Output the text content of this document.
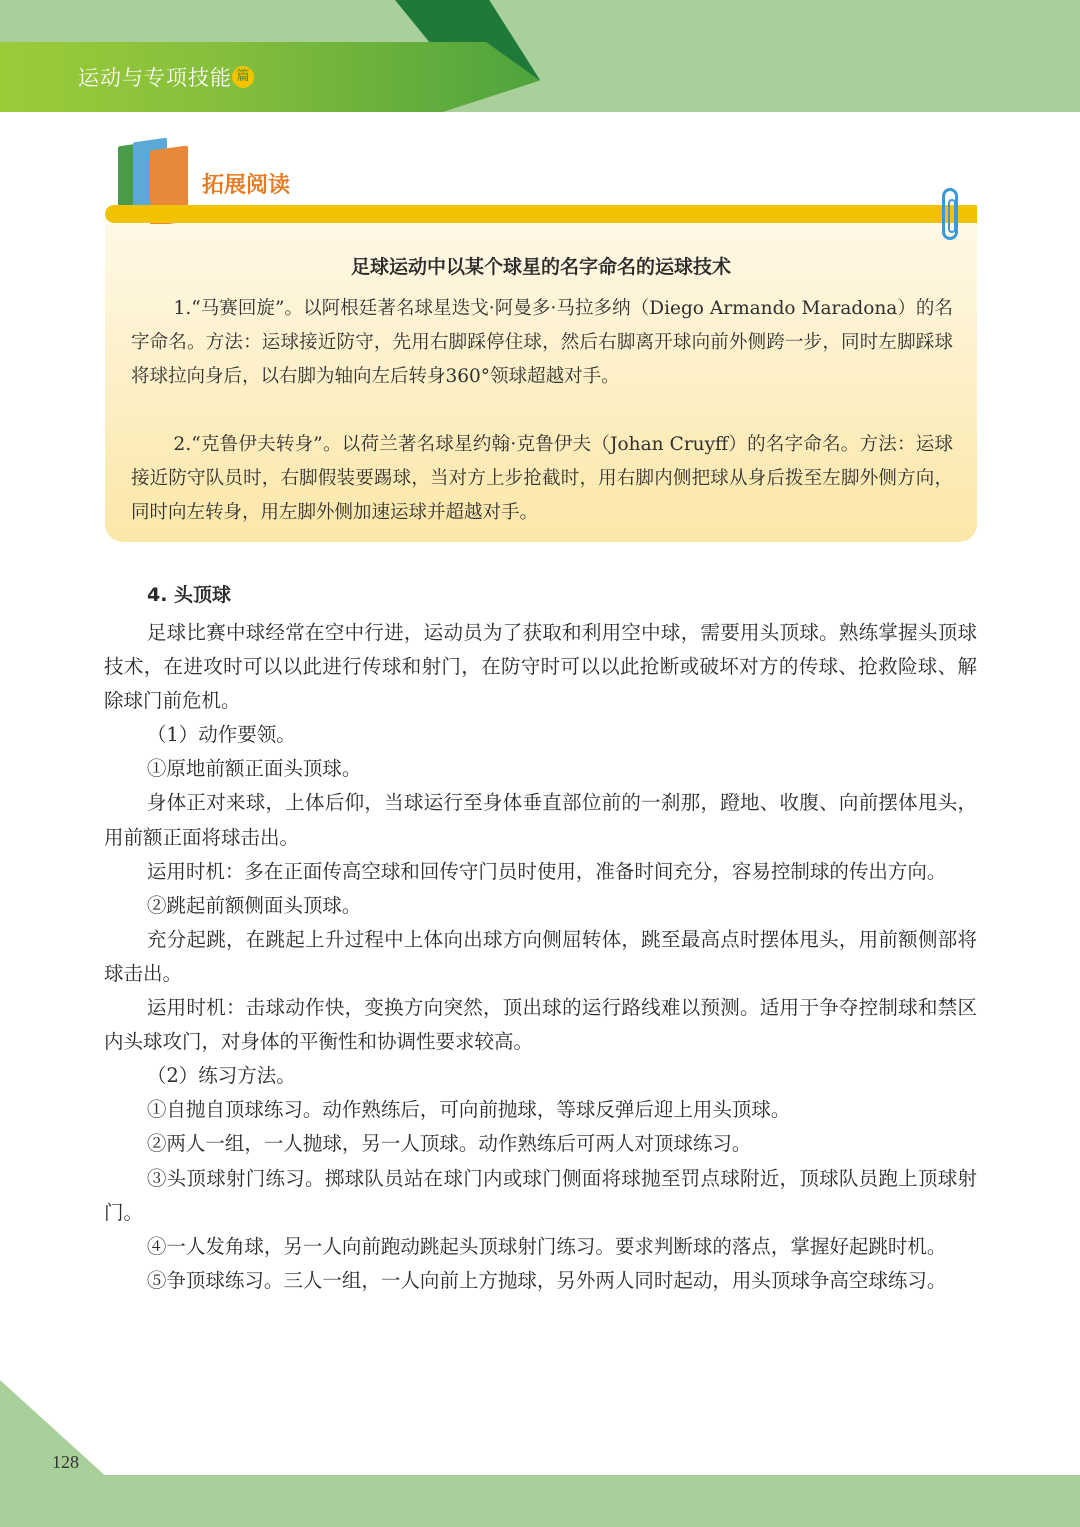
运动与专项技能 篇
拓展阅读
足球运动中以某个球星的名字命名的运球技术

1.“马赛回旋”。以阿根廷著名球星迭戈·阿曼多·马拉多纳（Diego Armando Maradona）的名字命名。方法：运球接近防守，先用右脚踩停住球，然后右脚离开球向前外侧跨一步，同时左脚踩球将球拉向身后，以右脚为轴向左后转身360°领球超越对手。

2.“克鲁伊夫转身”。以荷兰著名球星约翰·克鲁伊夫（Johan Cruyff）的名字命名。方法：运球接近防守队员时，右脚假装要踢球，当对方上步抢截时，用右脚内侧把球从身后拨至左脚外侧方向，同时向左转身，用左脚外侧加速运球并超越对手。

4. 头顶球

足球比赛中球经常在空中行进，运动员为了获取和利用空中球，需要用头顶球。熟练掌握头顶球技术，在进攻时可以以此进行传球和射门，在防守时可以以此抢断或破坏对方的传球、抢救险球、解除球门前危机。

（1）动作要领。

①原地前额正面头顶球。

身体正对来球，上体后仰，当球运行至身体垂直部位前的一刹那，蹬地、收腹、向前摆体甩头，用前额正面将球击出。

运用时机：多在正面传高空球和回传守门员时使用，准备时间充分，容易控制球的传出方向。

②跳起前额侧面头顶球。

充分起跳，在跳起上升过程中上体向出球方向侧屈转体，跳至最高点时摆体甩头，用前额侧部将球击出。

运用时机：击球动作快，变换方向突然，顶出球的运行路线难以预测。适用于争夺控制球和禁区内头球攻门，对身体的平衡性和协调性要求较高。

（2）练习方法。

①自抛自顶球练习。动作熟练后，可向前抛球，等球反弹后迎上用头顶球。

②两人一组，一人抛球，另一人顶球。动作熟练后可两人对顶球练习。

③头顶球射门练习。掷球队员站在球门内或球门侧面将球抛至罚点球附近，顶球队员跑上顶球射门。

④一人发角球，另一人向前跑动跳起头顶球射门练习。要求判断球的落点，掌握好起跳时机。

⑤争顶球练习。三人一组，一人向前上方抛球，另外两人同时起动，用头顶球争高空球练习。

128
